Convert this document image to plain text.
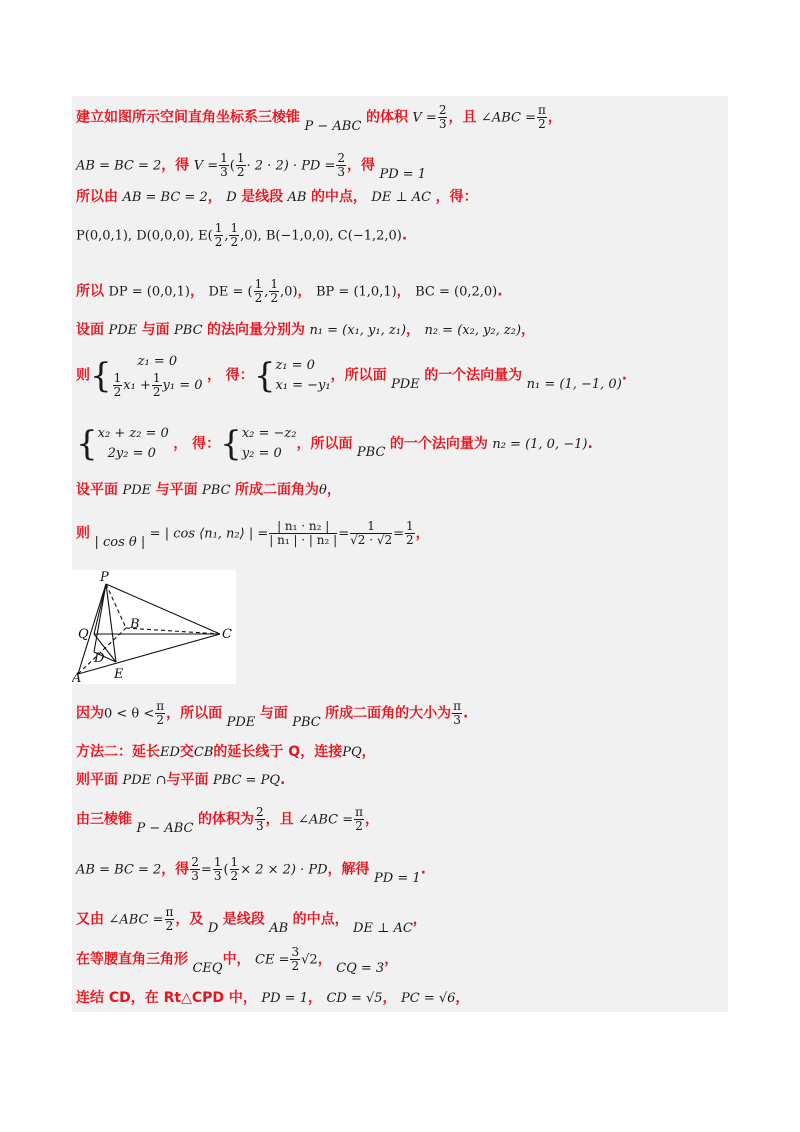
建立如图所示空间直角坐标系三棱锥 P − ABC 的体积 $V = \frac{2}{3}$ ，且 ∠ABC = $\frac{\pi}{2}$ ，
AB = BC = 2，得 $V = \frac{1}{3}$ ( $\frac{1}{2} \cdot 2 \cdot 2$) · PD = $\frac{2}{3}$ ，得 PD = 1
所以由 AB = BC = 2， D 是线段 AB 的中点， DE ⊥ AC ，得：
P(0,0,1), D(0,0,0), $E( \frac{1}{2}$ , $\frac{1}{2} ,0$), B(−1,0,0), C(−1,2,0).
所以 DP = (0,0,1)， DE = ( $\frac{1}{2}$ , $\frac{1}{2} ,0$)， BP = (1,0,1)， BC = (0,2,0).
设面 PDE 与面 PBC 的法向量分别为 n₁ = (x₁, y₁, z₁)， n₂ = (x₂, y₂, z₂)，
则{	z₁ = 0
$\frac{1}{2} x_1 + \frac{1}{2} y_1 = 0$
， 得：{ z₁ = 0
x₁ = −y₁
，所以面 PDE 的一个法向量为 n₁ = (1, −1, 0).
{ x₂ + z₂ = 0
2y₂ = 0
， 得：{ x₂ = −z₂
y₂ = 0
，所以面 PBC 的一个法向量为 n₂ = (1, 0, −1).
设平面 PDE 与平面 PBC 所成二面角为θ，
则 | cos θ | = | cos ⟨n₁, n₂⟩ | = $\frac{\text{| n₁ · n₂ |}}{\text{| n₁ | · | n₂ |}} = \frac{1}{√2 \cdot √2} = \frac{1}{2}$ ，
P
Q
B
C
D
A	E
因为$0 < \theta < \frac{\pi}{2}$ ，所以面 PDE 与面 PBC 所成二面角的大小为 $\frac{\pi}{3}$ .
方法二：延长ED交CB的延长线于 Q，连接PQ，
则平面 PDE ∩与平面 PBC = PQ.
由三棱锥 P − ABC 的体积为 $\frac{2}{3}$ ，且 ∠ABC = $\frac{\pi}{2}$ ，
AB = BC = 2，得 $\frac{2}{3} = \frac{1}{3}$ ( $\frac{1}{2} \times 2 \times 2$) · PD，解得 PD = 1.
又由 ∠ABC = $\frac{\pi}{2}$ ，及 D 是线段 AB 的中点， DE ⊥ AC，
在等腰直角三角形 CEQ中， CE = $\frac{3}{2} √2$， CQ = 3，
连结 CD，在 Rt△CPD 中， PD = 1， CD = √5， PC = √6，
